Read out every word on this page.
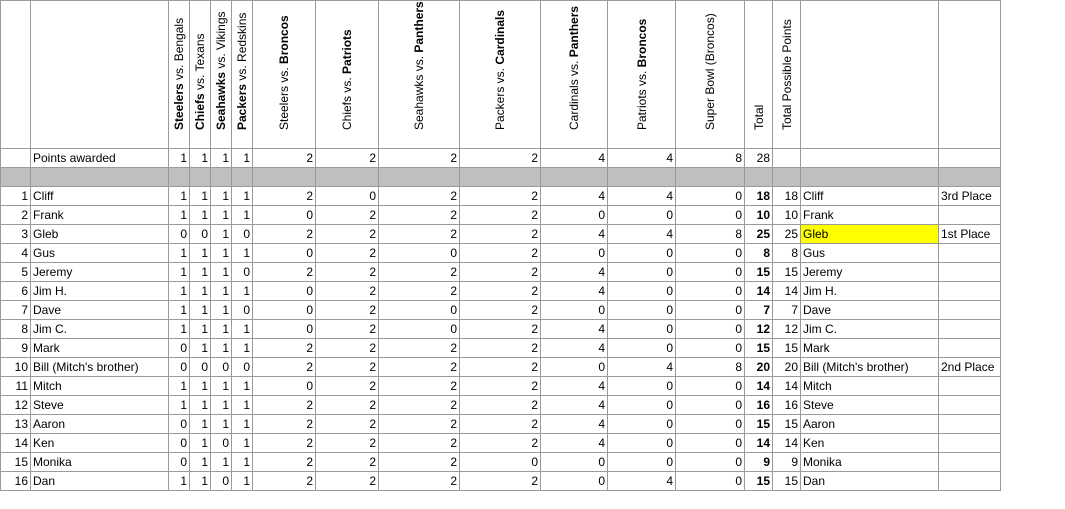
		Steelers vs. Bengals	Chiefs vs. Texans	Seahawks vs. Vikings	Packers vs. Redskins	Steelers vs. Broncos	Chiefs vs. Patriots	Seahawks vs. Panthers	Packers vs. Cardinals	Cardinals vs. Panthers	Patriots vs. Broncos	Super Bowl (Broncos)	Total	Total Possible Points		

	Points awarded	1	1	1	1	2	2	2	2	4	4	8	28			

1	Cliff	1	1	1	1	2	0	2	2	4	4	0	18	18	Cliff	3rd Place
2	Frank	1	1	1	1	0	2	2	2	0	0	0	10	10	Frank	
3	Gleb	0	0	1	0	2	2	2	2	4	4	8	25	25	Gleb	1st Place
4	Gus	1	1	1	1	0	2	0	2	0	0	0	8	8	Gus	
5	Jeremy	1	1	1	0	2	2	2	2	4	0	0	15	15	Jeremy	
6	Jim H.	1	1	1	1	0	2	2	2	4	0	0	14	14	Jim H.	
7	Dave	1	1	1	0	0	2	0	2	0	0	0	7	7	Dave	
8	Jim C.	1	1	1	1	0	2	0	2	4	0	0	12	12	Jim C.	
9	Mark	0	1	1	1	2	2	2	2	4	0	0	15	15	Mark	
10	Bill (Mitch's brother)	0	0	0	0	2	2	2	2	0	4	8	20	20	Bill (Mitch's brother)	2nd Place
11	Mitch	1	1	1	1	0	2	2	2	4	0	0	14	14	Mitch	
12	Steve	1	1	1	1	2	2	2	2	4	0	0	16	16	Steve	
13	Aaron	0	1	1	1	2	2	2	2	4	0	0	15	15	Aaron	
14	Ken	0	1	0	1	2	2	2	2	4	0	0	14	14	Ken	
15	Monika	0	1	1	1	2	2	2	0	0	0	0	9	9	Monika	
16	Dan	1	1	0	1	2	2	2	2	0	4	0	15	15	Dan	
